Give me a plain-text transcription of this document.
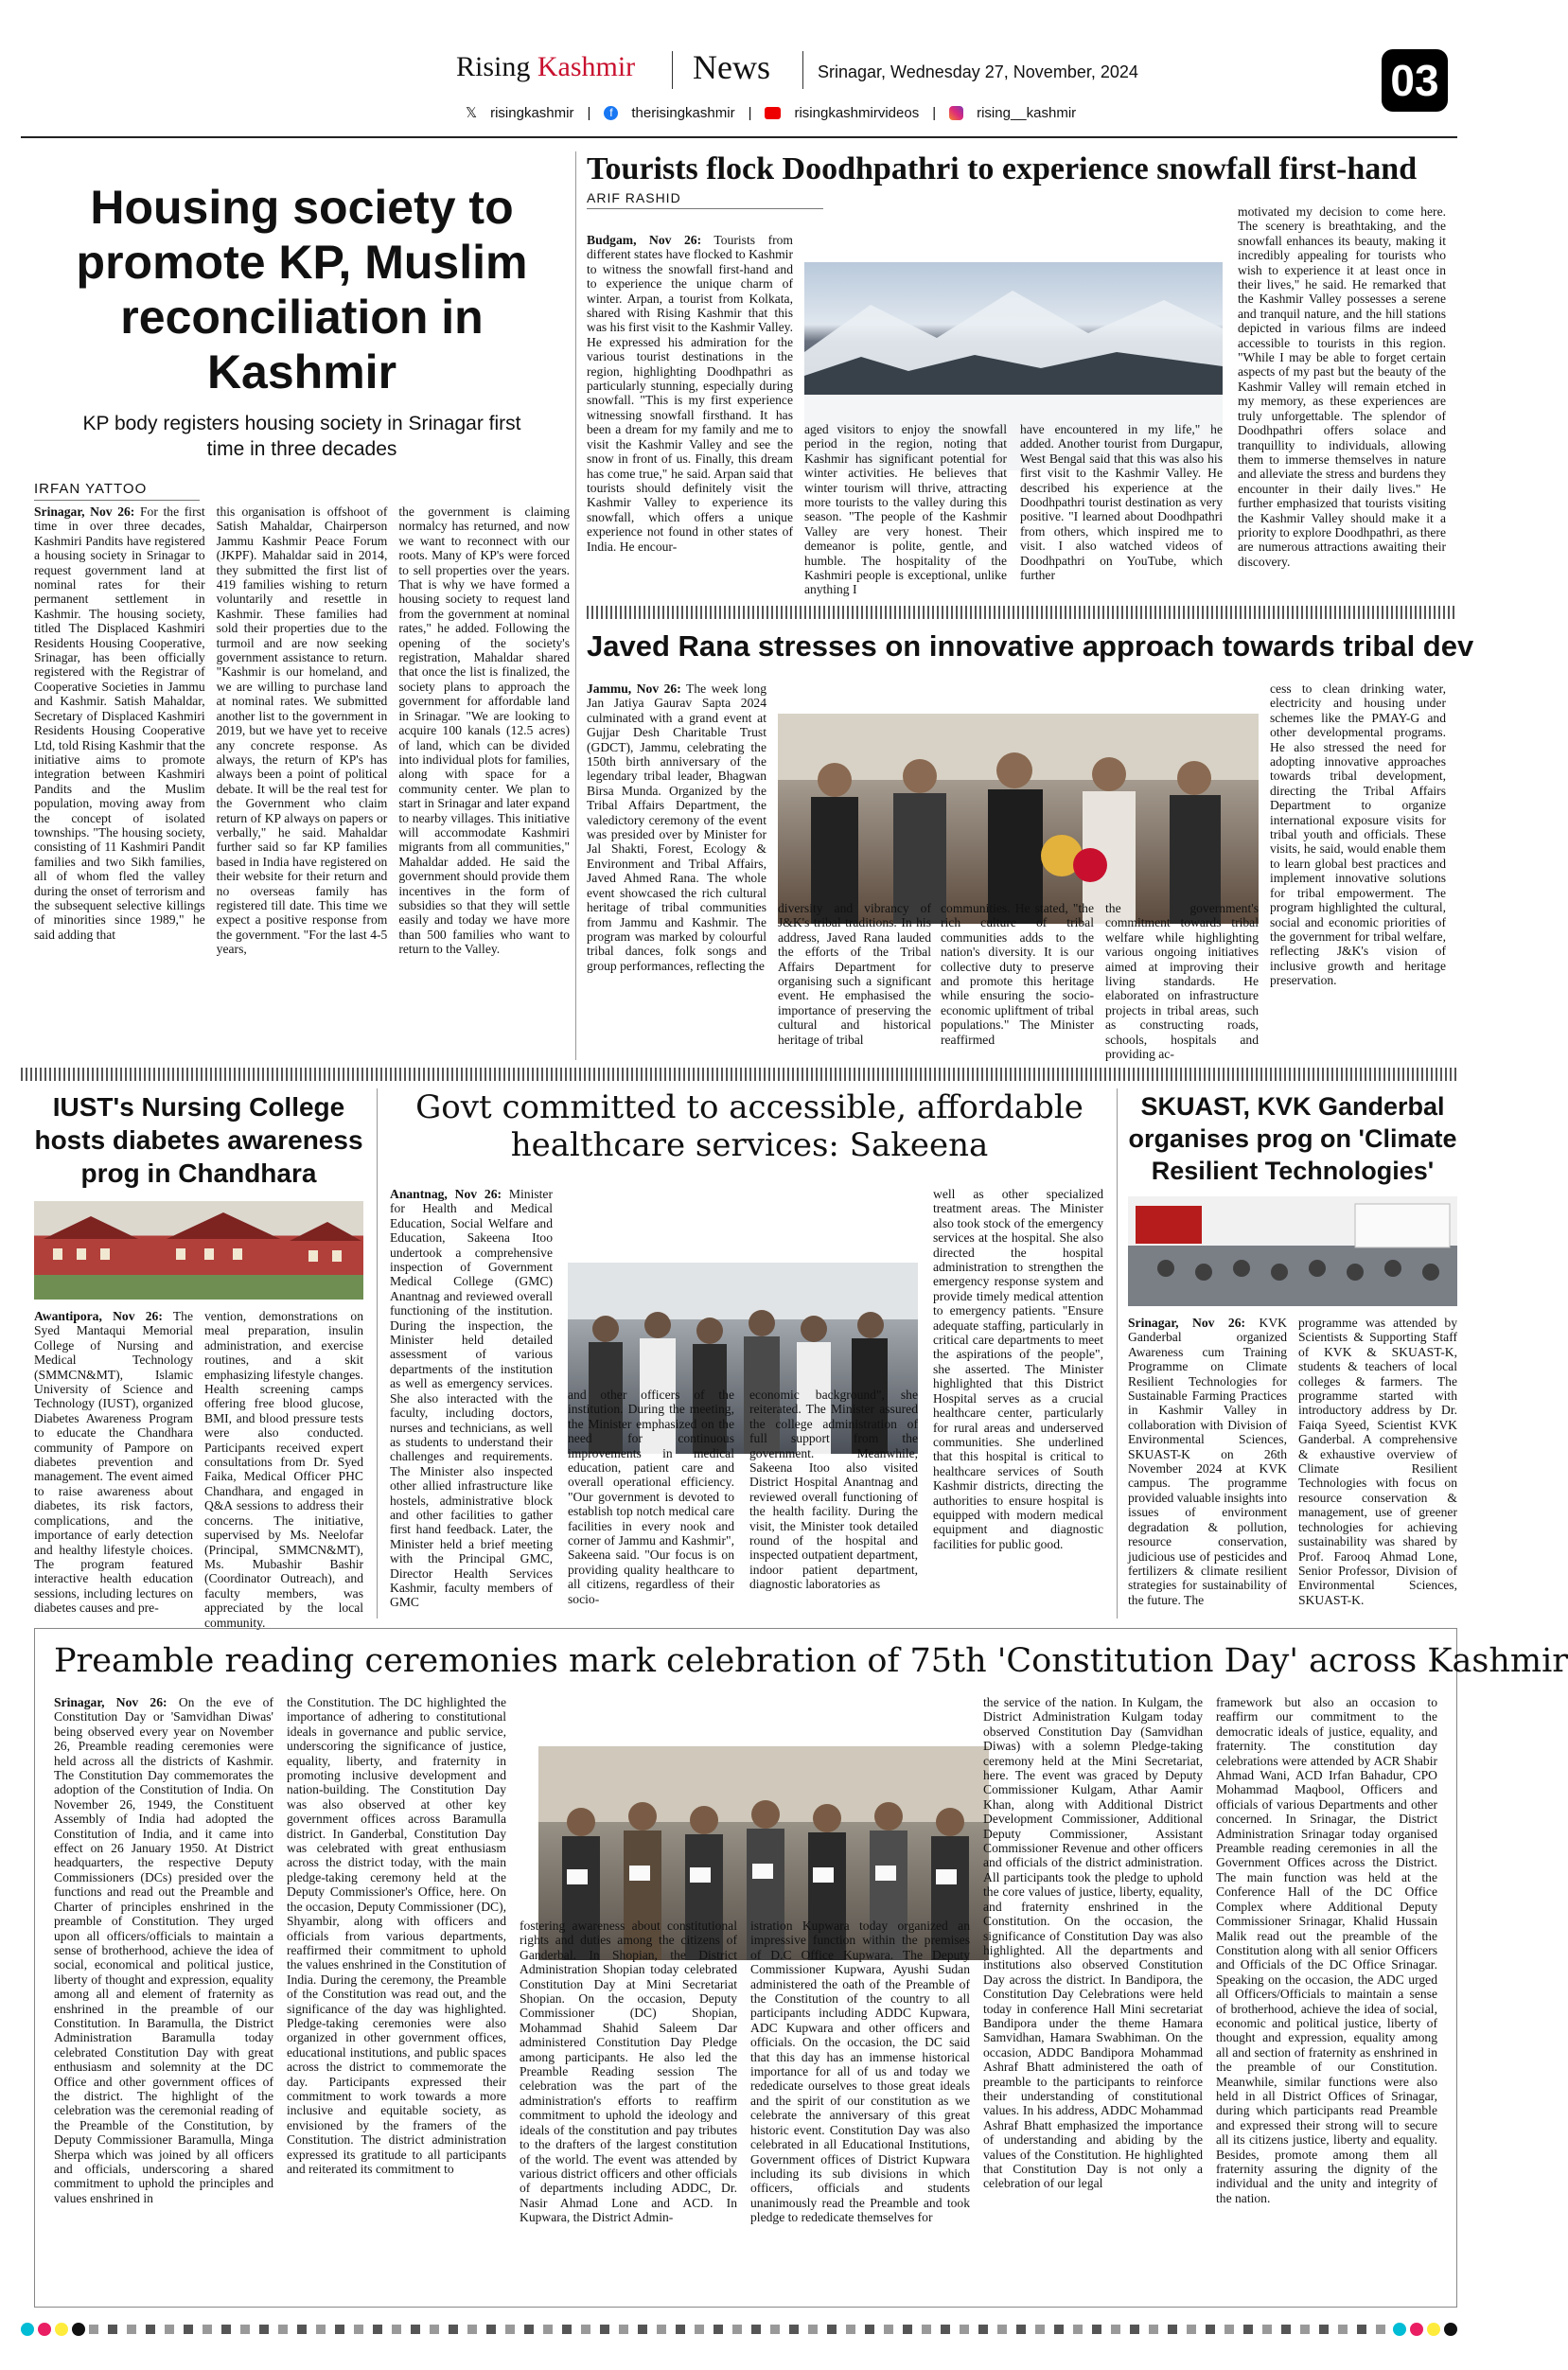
Rising Kashmir News	Srinagar, Wednesday 27, November, 2024	03
𝕏 risingkashmir |	f	therisingkashmir |	risingkashmirvideos |	rising__kashmir
Housing society to promote KP, Muslim reconciliation in Kashmir
KP body registers housing society in Srinagar first time in three decades
IRFAN YATTOO
Srinagar, Nov 26: For the first time in over three decades, Kashmiri Pandits have registered a housing society in Srinagar to request government land at nominal rates for their permanent settlement in Kashmir. The housing society, titled The Displaced Kashmiri Residents Housing Cooperative, Srinagar, has been officially registered with the Registrar of Cooperative Societies in Jammu and Kashmir. Satish Mahaldar, Secretary of Displaced Kashmiri Residents Housing Cooperative Ltd, told Rising Kashmir that the initiative aims to promote integration between Kashmiri Pandits and the Muslim population, moving away from the concept of isolated townships. "The housing society, consisting of 11 Kashmiri Pandit families and two Sikh families, all of whom fled the valley during the onset of terrorism and the subsequent selective killings of minorities since 1989," he said adding that
this organisation is offshoot of Satish Mahaldar, Chairperson Jammu Kashmir Peace Forum (JKPF). Mahaldar said in 2014, they submitted the first list of 419 families wishing to return voluntarily and resettle in Kashmir. These families had sold their properties due to the turmoil and are now seeking government assistance to return. "Kashmir is our homeland, and we are willing to purchase land at nominal rates. We submitted another list to the government in 2019, but we have yet to receive any concrete response. As always, the return of KP's has always been a point of political debate. It will be the real test for the Government who claim return of KP always on papers or verbally," he said. Mahaldar further said so far KP families based in India have registered on their website for their return and no overseas family has registered till date. This time we expect a positive response from the government. "For the last 4-5 years,
the government is claiming normalcy has returned, and now we want to reconnect with our roots. Many of KP's were forced to sell properties over the years. That is why we have formed a housing society to request land from the government at nominal rates," he added. Following the opening of the society's registration, Mahaldar shared that once the list is finalized, the society plans to approach the government for affordable land in Srinagar. "We are looking to acquire 100 kanals (12.5 acres) of land, which can be divided into individual plots for families, along with space for a community center. We plan to start in Srinagar and later expand to nearby villages. This initiative will accommodate Kashmiri migrants from all communities," Mahaldar added. He said the government should provide them incentives in the form of subsidies so that they will settle easily and today we have more than 500 families who want to return to the Valley.
Tourists flock Doodhpathri to experience snowfall first-hand
ARIF RASHID
Budgam, Nov 26: Tourists from different states have flocked to Kashmir to witness the snowfall first-hand and to experience the unique charm of winter. Arpan, a tourist from Kolkata, shared with Rising Kashmir that this was his first visit to the Kashmir Valley. He expressed his admiration for the various tourist destinations in the region, highlighting Doodhpathri as particularly stunning, especially during snowfall. "This is my first experience witnessing snowfall firsthand. It has been a dream for my family and me to visit the Kashmir Valley and see the snow in front of us. Finally, this dream has come true," he said. Arpan said that tourists should definitely visit the Kashmir Valley to experience its snowfall, which offers a unique experience not found in other states of India. He encour-
aged visitors to enjoy the snowfall period in the region, noting that Kashmir has significant potential for winter activities. He believes that winter tourism will thrive, attracting more tourists to the valley during this season. "The people of the Kashmir Valley are very honest. Their demeanor is polite, gentle, and humble. The hospitality of the Kashmiri people is exceptional, unlike anything I
have encountered in my life," he added. Another tourist from Durgapur, West Bengal said that this was also his first visit to the Kashmir Valley. He described his experience at the Doodhpathri tourist destination as very positive. "I learned about Doodhpathri from others, which inspired me to visit. I also watched videos of Doodhpathri on YouTube, which further
motivated my decision to come here. The scenery is breathtaking, and the snowfall enhances its beauty, making it incredibly appealing for tourists who wish to experience it at least once in their lives," he said. He remarked that the Kashmir Valley possesses a serene and tranquil nature, and the hill stations depicted in various films are indeed accessible to tourists in this region. "While I may be able to forget certain aspects of my past but the beauty of the Kashmir Valley will remain etched in my memory, as these experiences are truly unforgettable. The splendor of Doodhpathri offers solace and tranquillity to individuals, allowing them to immerse themselves in nature and alleviate the stress and burdens they encounter in their daily lives." He further emphasized that tourists visiting the Kashmir Valley should make it a priority to explore Doodhpathri, as there are numerous attractions awaiting their discovery.
Javed Rana stresses on innovative approach towards tribal dev
Jammu, Nov 26: The week long Jan Jatiya Gaurav Sapta 2024 culminated with a grand event at Gujjar Desh Charitable Trust (GDCT), Jammu, celebrating the 150th birth anniversary of the legendary tribal leader, Bhagwan Birsa Munda. Organized by the Tribal Affairs Department, the valedictory ceremony of the event was presided over by Minister for Jal Shakti, Forest, Ecology & Environment and Tribal Affairs, Javed Ahmed Rana. The whole event showcased the rich cultural heritage of tribal communities from Jammu and Kashmir. The program was marked by colourful tribal dances, folk songs and group performances, reflecting the
diversity and vibrancy of J&K's tribal traditions. In his address, Javed Rana lauded the efforts of the Tribal Affairs Department for organising such a significant event. He emphasised the importance of preserving the cultural and historical heritage of tribal
communities. He stated, "the rich culture of tribal communities adds to the nation's diversity. It is our collective duty to preserve and promote this heritage while ensuring the socio-economic upliftment of tribal populations." The Minister reaffirmed
the government's commitment towards tribal welfare while highlighting various ongoing initiatives aimed at improving their living standards. He elaborated on infrastructure projects in tribal areas, such as constructing roads, schools, hospitals and providing ac-
cess to clean drinking water, electricity and housing under schemes like the PMAY-G and other developmental programs. He also stressed the need for adopting innovative approaches towards tribal development, directing the Tribal Affairs Department to organize international exposure visits for tribal youth and officials. These visits, he said, would enable them to learn global best practices and implement innovative solutions for tribal empowerment. The program highlighted the cultural, social and economic priorities of the government for tribal welfare, reflecting J&K's vision of inclusive growth and heritage preservation.
IUST's Nursing College hosts diabetes awareness prog in Chandhara
Awantipora, Nov 26: The Syed Mantaqui Memorial College of Nursing and Medical Technology (SMMCN&MT), Islamic University of Science and Technology (IUST), organized Diabetes Awareness Program to educate the Chandhara community of Pampore on diabetes prevention and management. The event aimed to raise awareness about diabetes, its risk factors, complications, and the importance of early detection and healthy lifestyle choices. The program featured interactive health education sessions, including lectures on diabetes causes and pre-
vention, demonstrations on meal preparation, insulin administration, and exercise routines, and a skit emphasizing lifestyle changes. Health screening camps offering free blood glucose, BMI, and blood pressure tests were also conducted. Participants received expert consultations from Dr. Syed Faika, Medical Officer PHC Chandhara, and engaged in Q&A sessions to address their concerns. The initiative, supervised by Ms. Neelofar (Principal, SMMCN&MT), Ms. Mubashir Bashir (Coordinator Outreach), and faculty members, was appreciated by the local community.
Govt committed to accessible, affordable healthcare services: Sakeena
Anantnag, Nov 26: Minister for Health and Medical Education, Social Welfare and Education, Sakeena Itoo undertook a comprehensive inspection of Government Medical College (GMC) Anantnag and reviewed overall functioning of the institution. During the inspection, the Minister held detailed assessment of various departments of the institution as well as emergency services. She also interacted with the faculty, including doctors, nurses and technicians, as well as students to understand their challenges and requirements. The Minister also inspected other allied infrastructure like hostels, administrative block and other facilities to gather first hand feedback. Later, the Minister held a brief meeting with the Principal GMC, Director Health Services Kashmir, faculty members of GMC
and other officers of the institution. During the meeting, the Minister emphasized on the need for continuous improvements in medical education, patient care and overall operational efficiency. "Our government is devoted to establish top notch medical care facilities in every nook and corner of Jammu and Kashmir", Sakeena said. "Our focus is on providing quality healthcare to all citizens, regardless of their socio-
economic background", she reiterated. The Minister assured the college administration of full support from the government. Meanwhile, Sakeena Itoo also visited District Hospital Anantnag and reviewed overall functioning of the health facility. During the visit, the Minister took detailed round of the hospital and inspected outpatient department, indoor patient department, diagnostic laboratories as
well as other specialized treatment areas. The Minister also took stock of the emergency services at the hospital. She also directed the hospital administration to strengthen the emergency response system and provide timely medical attention to emergency patients. "Ensure adequate staffing, particularly in critical care departments to meet the aspirations of the people", she asserted. The Minister highlighted that this District Hospital serves as a crucial healthcare center, particularly for rural areas and underserved communities. She underlined that this hospital is critical to healthcare services of South Kashmir districts, directing the authorities to ensure hospital is equipped with modern medical equipment and diagnostic facilities for public good.
SKUAST, KVK Ganderbal organises prog on 'Climate Resilient Technologies'
Srinagar, Nov 26: KVK Ganderbal organized Awareness cum Training Programme on Climate Resilient Technologies for Sustainable Farming Practices in Kashmir Valley in collaboration with Division of Environmental Sciences, SKUAST-K on 26th November 2024 at KVK campus. The programme provided valuable insights into issues of environment degradation & pollution, resource conservation, judicious use of pesticides and fertilizers & climate resilient strategies for sustainability of the future. The
programme was attended by Scientists & Supporting Staff of KVK & SKUAST-K, students & teachers of local colleges & farmers. The programme started with introductory address by Dr. Faiqa Syeed, Scientist KVK Ganderbal. A comprehensive & exhaustive overview of Climate Resilient Technologies with focus on resource conservation & management, use of greener technologies for achieving sustainability was shared by Prof. Farooq Ahmad Lone, Senior Professor, Division of Environmental Sciences, SKUAST-K.
Preamble reading ceremonies mark celebration of 75th 'Constitution Day' across Kashmir
Srinagar, Nov 26: On the eve of Constitution Day or 'Samvidhan Diwas' being observed every year on November 26, Preamble reading ceremonies were held across all the districts of Kashmir. The Constitution Day commemorates the adoption of the Constitution of India. On November 26, 1949, the Constituent Assembly of India had adopted the Constitution of India, and it came into effect on 26 January 1950. At District headquarters, the respective Deputy Commissioners (DCs) presided over the functions and read out the Preamble and Charter of principles enshrined in the preamble of Constitution. They urged upon all officers/officials to maintain a sense of brotherhood, achieve the idea of social, economical and political justice, liberty of thought and expression, equality among all and element of fraternity as enshrined in the preamble of our Constitution. In Baramulla, the District Administration Baramulla today celebrated Constitution Day with great enthusiasm and solemnity at the DC Office and other government offices of the district. The highlight of the celebration was the ceremonial reading of the Preamble of the Constitution, by Deputy Commissioner Baramulla, Minga Sherpa which was joined by all officers and officials, underscoring a shared commitment to uphold the principles and values enshrined in
the Constitution. The DC highlighted the importance of adhering to constitutional ideals in governance and public service, underscoring the significance of justice, equality, liberty, and fraternity in promoting inclusive development and nation-building. The Constitution Day was also observed at other key government offices across Baramulla district. In Ganderbal, Constitution Day was celebrated with great enthusiasm across the district today, with the main pledge-taking ceremony held at the Deputy Commissioner's Office, here. On the occasion, Deputy Commissioner (DC), Shyambir, along with officers and officials from various departments, reaffirmed their commitment to uphold the values enshrined in the Constitution of India. During the ceremony, the Preamble of the Constitution was read out, and the significance of the day was highlighted. Pledge-taking ceremonies were also organized in other government offices, educational institutions, and public spaces across the district to commemorate the day. Participants expressed their commitment to work towards a more inclusive and equitable society, as envisioned by the framers of the Constitution. The district administration expressed its gratitude to all participants and reiterated its commitment to
fostering awareness about constitutional rights and duties among the citizens of Ganderbal. In Shopian, the District Administration Shopian today celebrated Constitution Day at Mini Secretariat Shopian. On the occasion, Deputy Commissioner (DC) Shopian, Mohammad Shahid Saleem Dar administered Constitution Day Pledge among participants. He also led the Preamble Reading session The celebration was the part of the administration's efforts to reaffirm commitment to uphold the ideology and ideals of the constitution and pay tributes to the drafters of the largest constitution of the world. The event was attended by various district officers and other officials of departments including ADDC, Dr. Nasir Ahmad Lone and ACD. In Kupwara, the District Admin-
istration Kupwara today organized an impressive function within the premises of D.C Office Kupwara. The Deputy Commissioner Kupwara, Ayushi Sudan administered the oath of the Preamble of the Constitution of the country to all participants including ADDC Kupwara, ADC Kupwara and other officers and officials. On the occasion, the DC said that this day has an immense historical importance for all of us and today we rededicate ourselves to those great ideals and the spirit of our constitution as we celebrate the anniversary of this great historic event. Constitution Day was also celebrated in all Educational Institutions, Government offices of District Kupwara including its sub divisions in which officers, officials and students unanimously read the Preamble and took pledge to rededicate themselves for
the service of the nation. In Kulgam, the District Administration Kulgam today observed Constitution Day (Samvidhan Diwas) with a solemn Pledge-taking ceremony held at the Mini Secretariat, here. The event was graced by Deputy Commissioner Kulgam, Athar Aamir Khan, along with Additional District Development Commissioner, Additional Deputy Commissioner, Assistant Commissioner Revenue and other officers and officials of the district administration. All participants took the pledge to uphold the core values of justice, liberty, equality, and fraternity enshrined in the Constitution. On the occasion, the significance of Constitution Day was also highlighted. All the departments and institutions also observed Constitution Day across the district. In Bandipora, the Constitution Day Celebrations were held today in conference Hall Mini secretariat Bandipora under the theme Hamara Samvidhan, Hamara Swabhiman. On the occasion, ADDC Bandipora Mohammad Ashraf Bhatt administered the oath of preamble to the participants to reinforce their understanding of constitutional values. In his address, ADDC Mohammad Ashraf Bhatt emphasized the importance of understanding and abiding by the values of the Constitution. He highlighted that Constitution Day is not only a celebration of our legal
framework but also an occasion to reaffirm our commitment to the democratic ideals of justice, equality, and fraternity. The constitution day celebrations were attended by ACR Shabir Ahmad Wani, ACD Irfan Bahadur, CPO Mohammad Maqbool, Officers and officials of various Departments and other concerned. In Srinagar, the District Administration Srinagar today organised Preamble reading ceremonies in all the Government Offices across the District. The main function was held at the Conference Hall of the DC Office Complex where Additional Deputy Commissioner Srinagar, Khalid Hussain Malik read out the preamble of the Constitution along with all senior Officers and Officials of the DC Office Srinagar. Speaking on the occasion, the ADC urged all Officers/Officials to maintain a sense of brotherhood, achieve the idea of social, economic and political justice, liberty of thought and expression, equality among all and section of fraternity as enshrined in the preamble of our Constitution. Meanwhile, similar functions were also held in all District Offices of Srinagar, during which participants read Preamble and expressed their strong will to secure all its citizens justice, liberty and equality. Besides, promote among them all fraternity assuring the dignity of the individual and the unity and integrity of the nation.
